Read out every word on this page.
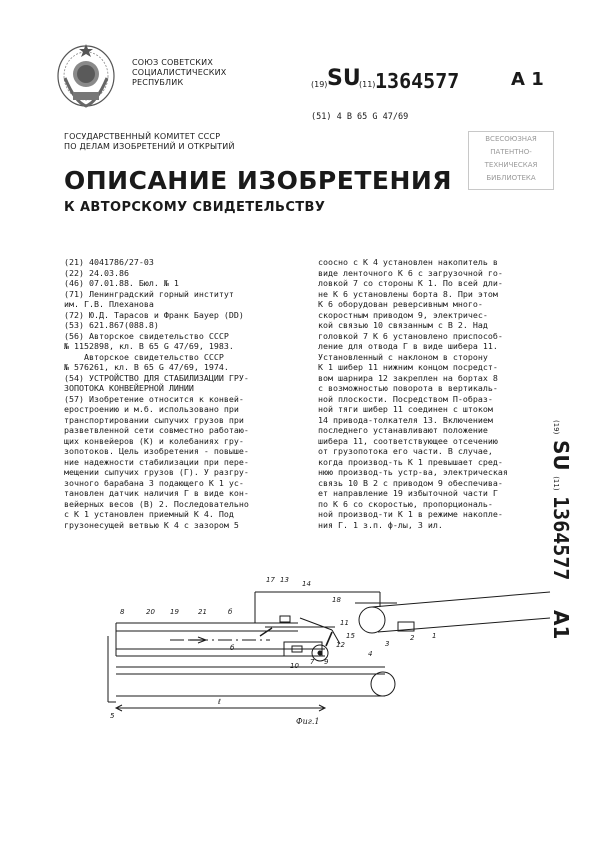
СОЮЗ СОВЕТСКИХ
СОЦИАЛИСТИЧЕСКИХ
РЕСПУБЛИК	(19) SU
(11) 1364577	A 1
(51) 4 B 65 G 47/69
ГОСУДАРСТВЕННЫЙ КОМИТЕТ СССР
ПО ДЕЛАМ ИЗОБРЕТЕНИЙ И ОТКРЫТИЙ
ВСЕСОЮЗНАЯ
ПАТЕНТНО-
ТЕХНИЧЕСКАЯ
БИБЛИОТЕКА
ОПИСАНИЕ ИЗОБРЕТЕНИЯ
К АВТОРСКОМУ СВИДЕТЕЛЬСТВУ
(21) 4041786/27-03
(22) 24.03.86
(46) 07.01.88. Бюл. № 1
(71) Ленинградский горный институт
им. Г.В. Плеханова
(72) Ю.Д. Тарасов и Франк Бауер (DD)
(53) 621.867(088.8)
(56) Авторское свидетельство СССР
№ 1152898, кл. В 65 G 47/69, 1983.
Авторское свидетельство СССР
№ 576261, кл. В 65 G 47/69, 1974.
(54) УСТРОЙСТВО ДЛЯ СТАБИЛИЗАЦИИ ГРУ-
ЗОПОТОКА КОНВЕЙЕРНОЙ ЛИНИИ
(57) Изобретение относится к конвей-
еростроению и м.б. использовано при
транспортировании сыпучих грузов при
разветвленной сети совместно работаю-
щих конвейеров (К) и колебаниях гру-
зопотоков. Цель изобретения - повыше-
ние надежности стабилизации при пере-
мещении сыпучих грузов (Г). У разгру-
зочного барабана 3 подающего К 1 ус-
тановлен датчик наличия Г в виде кон-
вейерных весов (В) 2. Последовательно
с К 1 установлен приемный К 4. Под
грузонесущей ветвью К 4 с зазором 5
соосно с К 4 установлен накопитель в
виде ленточного К 6 с загрузочной го-
ловкой 7 со стороны К 1. По всей дли-
не К 6 установлены борта 8. При этом
К 6 оборудован реверсивным много-
скоростным приводом 9, электричес-
кой связью 10 связанным с В 2. Над
головкой 7 К 6 установлено приспособ-
ление для отвода Г в виде шибера 11.
Установленный с наклоном в сторону
К 1 шибер 11 нижним концом посредст-
вом шарнира 12 закреплен на бортах 8
с возможностью поворота в вертикаль-
ной плоскости. Посредством П-образ-
ной тяги шибер 11 соединен с штоком
14 привода-толкателя 13. Включением
последнего устанавливают положение
шибера 11, соответствующее отсечению
от грузопотока его части. В случае,
когда производ-ть К 1 превышает сред-
нюю производ-ть устр-ва, электрическая
связь 10 В 2 с приводом 9 обеспечива-
ет направление 19 избыточной части Г
по К 6 со скоростью, пропорциональ-
ной производ-ти К 1 в режиме накопле-
ния Г. 1 з.п. ф-лы, 3 ил.
(19) SU (11) 1364577 A1
8	20 19	21	б
б
17 13 14
18
11
15
12
9
10 7
3
2	1
4
5
ℓ
Фиг.1
